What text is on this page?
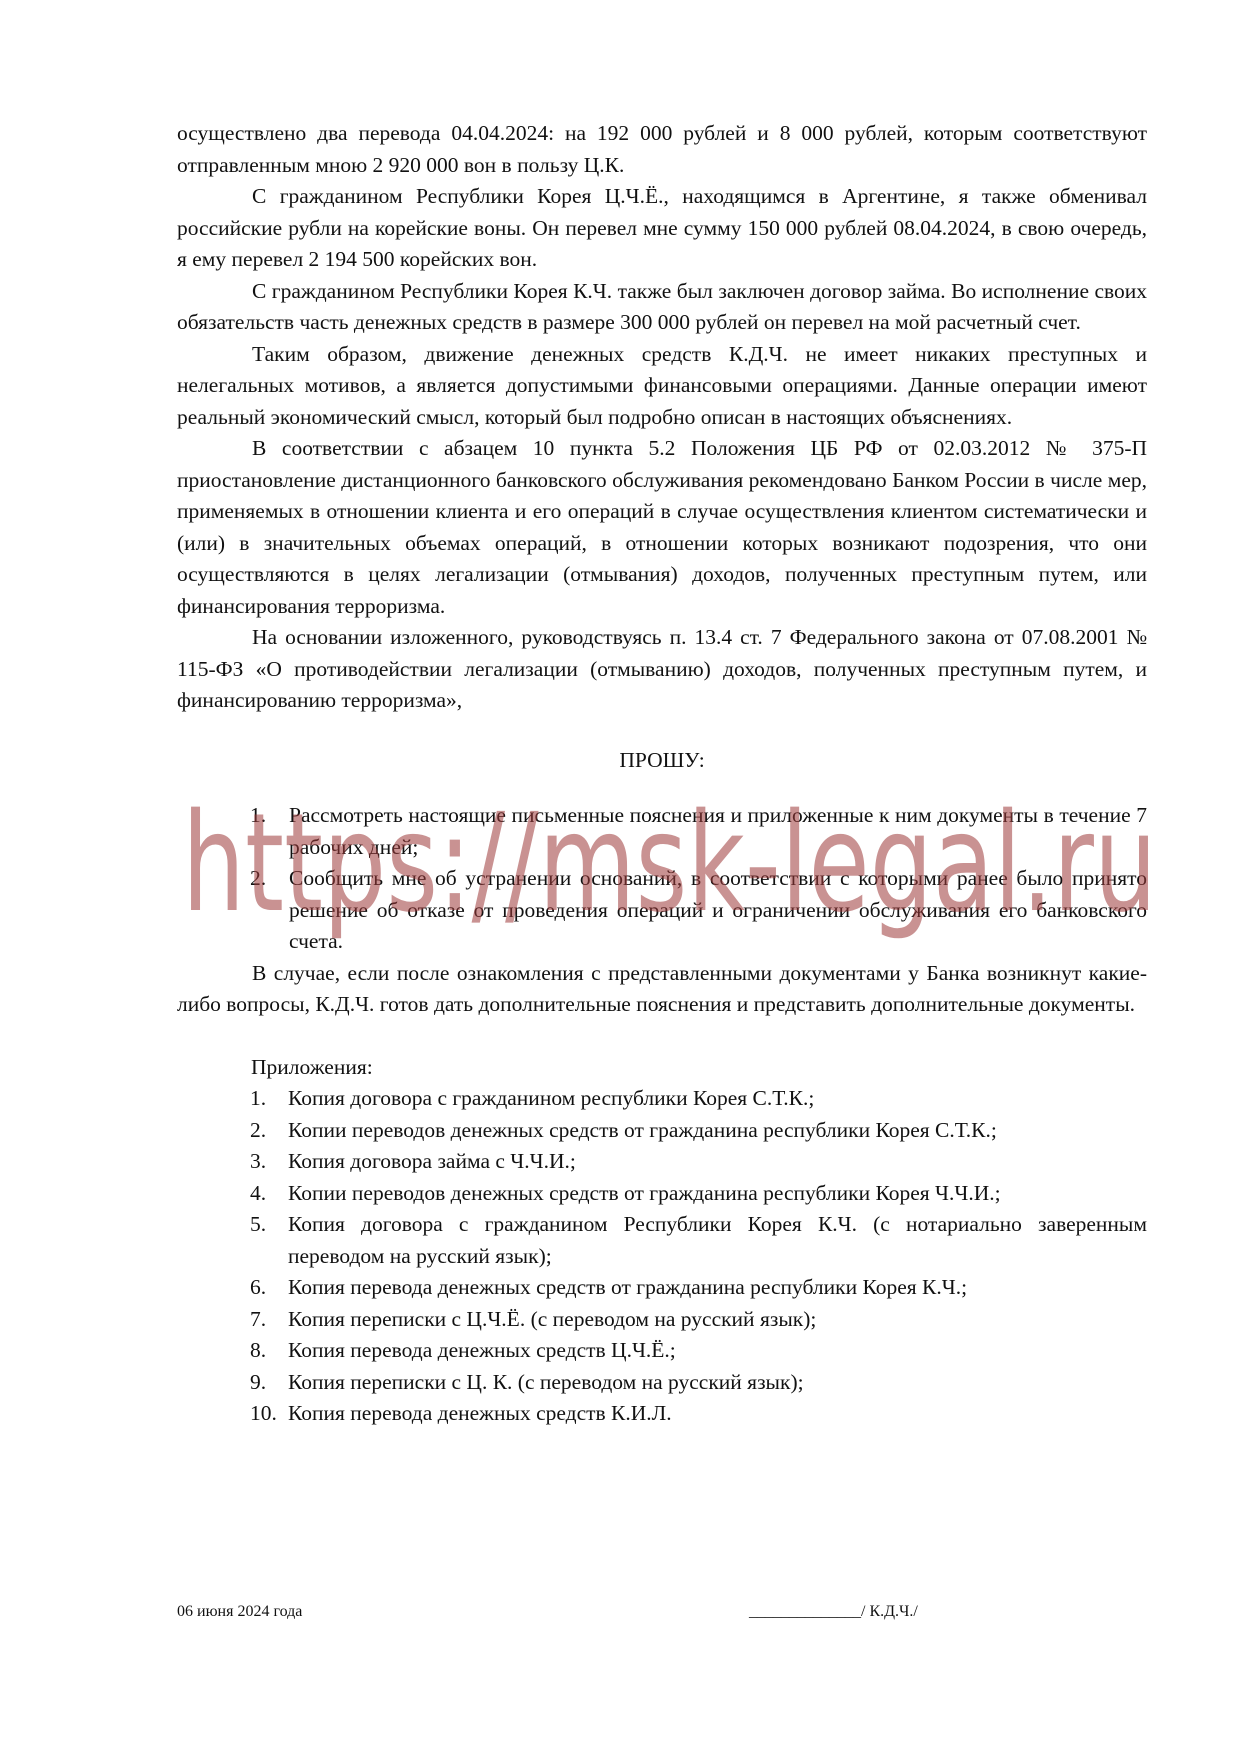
осуществлено два перевода 04.04.2024: на 192 000 рублей и 8 000 рублей, которым соответствуют отправленным мною 2 920 000 вон в пользу Ц.К.

С гражданином Республики Корея Ц.Ч.Ё., находящимся в Аргентине, я также обменивал российские рубли на корейские воны. Он перевел мне сумму 150 000 рублей 08.04.2024, в свою очередь, я ему перевел 2 194 500 корейских вон.

С гражданином Республики Корея К.Ч. также был заключен договор займа. Во исполнение своих обязательств часть денежных средств в размере 300 000 рублей он перевел на мой расчетный счет.

Таким образом, движение денежных средств К.Д.Ч. не имеет никаких преступных и нелегальных мотивов, а является допустимыми финансовыми операциями. Данные операции имеют реальный экономический смысл, который был подробно описан в настоящих объяснениях.

В соответствии с абзацем 10 пункта 5.2 Положения ЦБ РФ от 02.03.2012 № 375-П приостановление дистанционного банковского обслуживания рекомендовано Банком России в числе мер, применяемых в отношении клиента и его операций в случае осуществления клиентом систематически и (или) в значительных объемах операций, в отношении которых возникают подозрения, что они осуществляются в целях легализации (отмывания) доходов, полученных преступным путем, или финансирования терроризма.

На основании изложенного, руководствуясь п. 13.4 ст. 7 Федерального закона от 07.08.2001 № 115-ФЗ «О противодействии легализации (отмыванию) доходов, полученных преступным путем, и финансированию терроризма»,

ПРОШУ:

1. Рассмотреть настоящие письменные пояснения и приложенные к ним документы в течение 7 рабочих дней;
2. Сообщить мне об устранении оснований, в соответствии с которыми ранее было принято решение об отказе от проведения операций и ограничении обслуживания его банковского счета.

В случае, если после ознакомления с представленными документами у Банка возникнут какие-либо вопросы, К.Д.Ч. готов дать дополнительные пояснения и представить дополнительные документы.

Приложения:

1. Копия договора с гражданином республики Корея С.Т.К.;
2. Копии переводов денежных средств от гражданина республики Корея С.Т.К.;
3. Копия договора займа с Ч.Ч.И.;
4. Копии переводов денежных средств от гражданина республики Корея Ч.Ч.И.;
5. Копия договора с гражданином Республики Корея К.Ч. (с нотариально заверенным переводом на русский язык);
6. Копия перевода денежных средств от гражданина республики Корея К.Ч.;
7. Копия переписки с Ц.Ч.Ё. (с переводом на русский язык);
8. Копия перевода денежных средств Ц.Ч.Ё.;
9. Копия переписки с Ц. К. (с переводом на русский язык);
10. Копия перевода денежных средств К.И.Л.
06 июня 2024 года	______________/ К.Д.Ч./
https://msk-legal.ru
